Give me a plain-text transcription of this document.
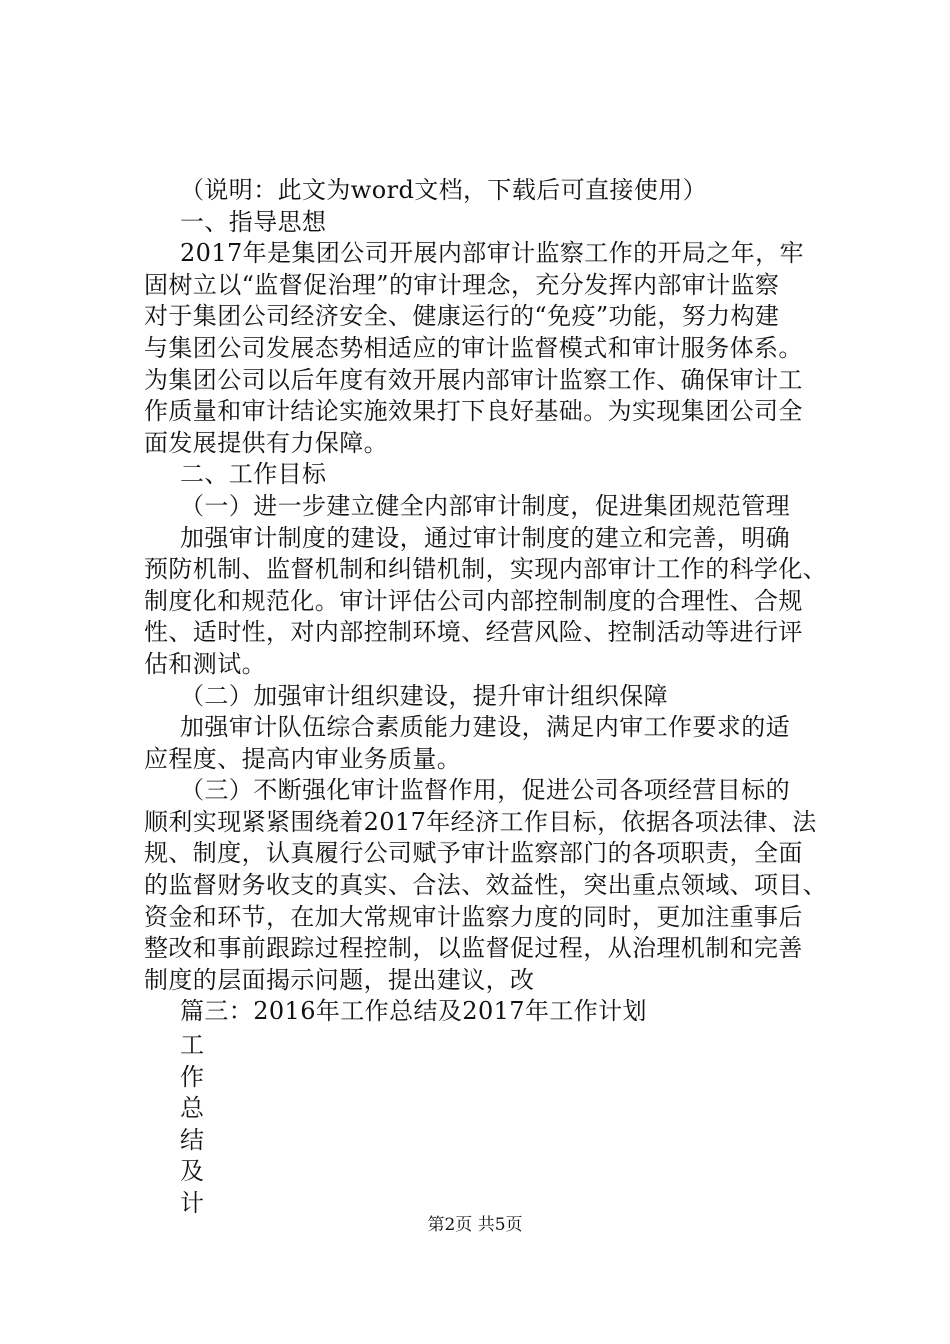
（说明：此文为word文档，下载后可直接使用）
一、指导思想
2017年是集团公司开展内部审计监察工作的开局之年，牢
固树立以“监督促治理”的审计理念，充分发挥内部审计监察
对于集团公司经济安全、健康运行的“免疫”功能，努力构建
与集团公司发展态势相适应的审计监督模式和审计服务体系。
为集团公司以后年度有效开展内部审计监察工作、确保审计工
作质量和审计结论实施效果打下良好基础。为实现集团公司全
面发展提供有力保障。
二、工作目标
（一）进一步建立健全内部审计制度，促进集团规范管理
加强审计制度的建设，通过审计制度的建立和完善，明确
预防机制、监督机制和纠错机制，实现内部审计工作的科学化、
制度化和规范化。审计评估公司内部控制制度的合理性、合规
性、适时性，对内部控制环境、经营风险、控制活动等进行评
估和测试。
（二）加强审计组织建设，提升审计组织保障
加强审计队伍综合素质能力建设，满足内审工作要求的适
应程度、提高内审业务质量。
（三）不断强化审计监督作用，促进公司各项经营目标的
顺利实现紧紧围绕着2017年经济工作目标，依据各项法律、法
规、制度，认真履行公司赋予审计监察部门的各项职责，全面
的监督财务收支的真实、合法、效益性，突出重点领域、项目、
资金和环节，在加大常规审计监察力度的同时，更加注重事后
整改和事前跟踪过程控制，以监督促过程，从治理机制和完善
制度的层面揭示问题，提出建议，改
篇三：2016年工作总结及2017年工作计划
工
作
总
结
及
计
第2页 共5页
